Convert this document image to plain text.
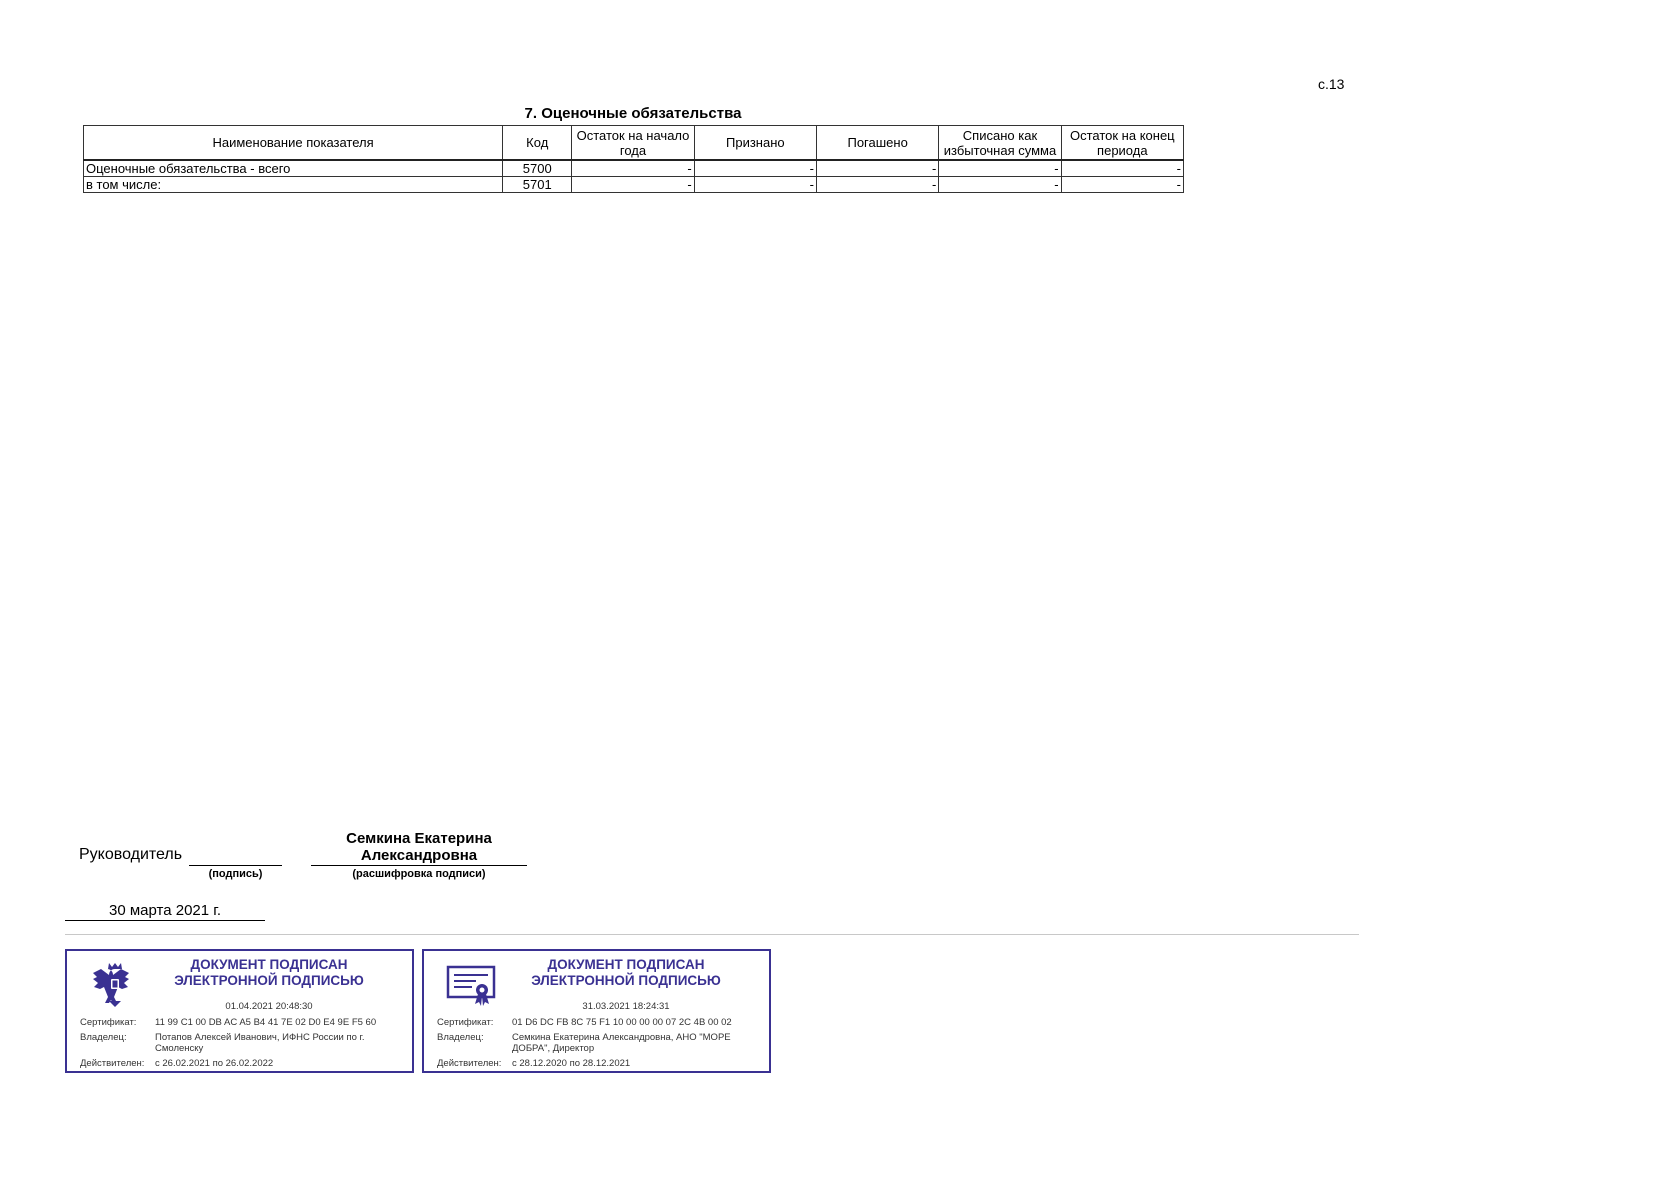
с.13
7. Оценочные обязательства
Наименование показателя	Код	Остаток на начало года	Признано	Погашено	Списано как избыточная сумма	Остаток на конец периода
Оценочные обязательства - всего	5700	-	-	-	-	-
в том числе:	5701	-	-	-	-	-
Руководитель
(подпись)
Семкина Екатерина Александровна
(расшифровка подписи)
30 марта 2021 г.
ДОКУМЕНТ ПОДПИСАН ЭЛЕКТРОННОЙ ПОДПИСЬЮ
01.04.2021 20:48:30
Сертификат:	11 99 C1 00 DB AC A5 B4 41 7E 02 D0 E4 9E F5 60
Владелец:	Потапов Алексей Иванович, ИФНС России по г. Смоленску
Действителен:	с 26.02.2021 по 26.02.2022
ДОКУМЕНТ ПОДПИСАН ЭЛЕКТРОННОЙ ПОДПИСЬЮ
31.03.2021 18:24:31
Сертификат:	01 D6 DC FB 8C 75 F1 10 00 00 00 07 2C 4B 00 02
Владелец:	Семкина Екатерина Александровна, АНО "МОРЕ ДОБРА", Директор
Действителен:	с 28.12.2020 по 28.12.2021
